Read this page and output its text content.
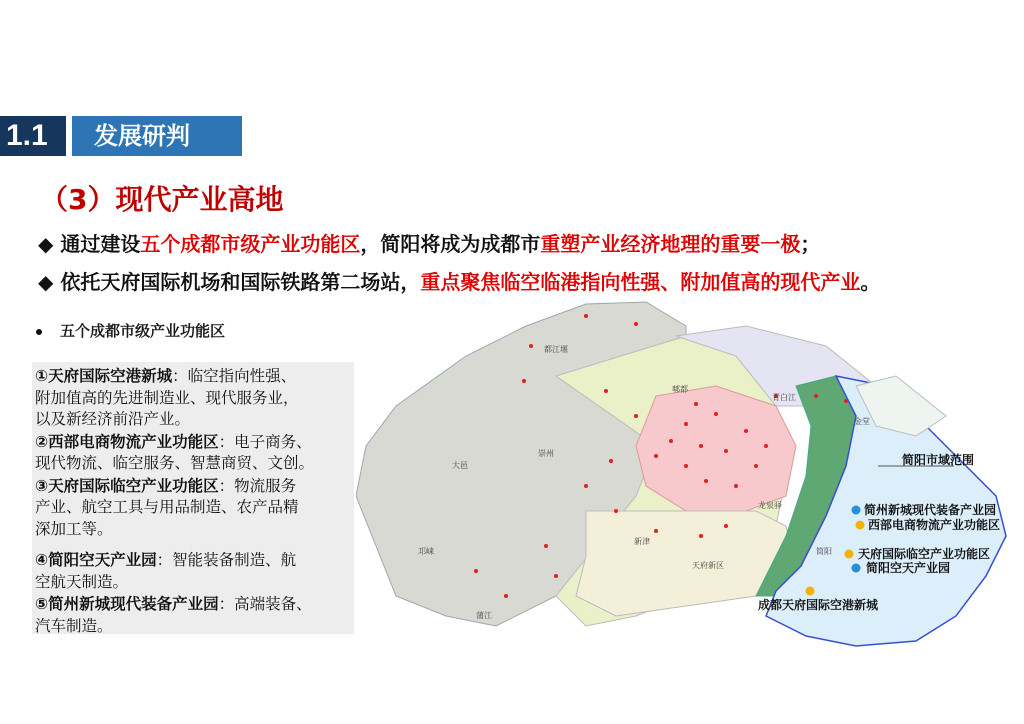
1.1	发展研判
（3）现代产业高地
◆ 通过建设五个成都市级产业功能区，简阳将成为成都市重塑产业经济地理的重要一极；
◆ 依托天府国际机场和国际铁路第二场站，重点聚焦临空临港指向性强、附加值高的现代产业。
五个成都市级产业功能区

①天府国际空港新城：临空指向性强、
附加值高的先进制造业、现代服务业，
以及新经济前沿产业。

②西部电商物流产业功能区：电子商务、
现代物流、临空服务、智慧商贸、文创。

③天府国际临空产业功能区：物流服务
产业、航空工具与用品制造、农产品精
深加工等。

④简阳空天产业园：智能装备制造、航
空航天制造。

⑤简州新城现代装备产业园：高端装备、
汽车制造。

都江堰
郫都
青白江
金堂
崇州
大邑
龙泉驿
邛崃
新津
天府新区
蒲江
简阳
简阳市域范围
简州新城现代装备产业园
西部电商物流产业功能区
天府国际临空产业功能区
简阳空天产业园
成都天府国际空港新城
